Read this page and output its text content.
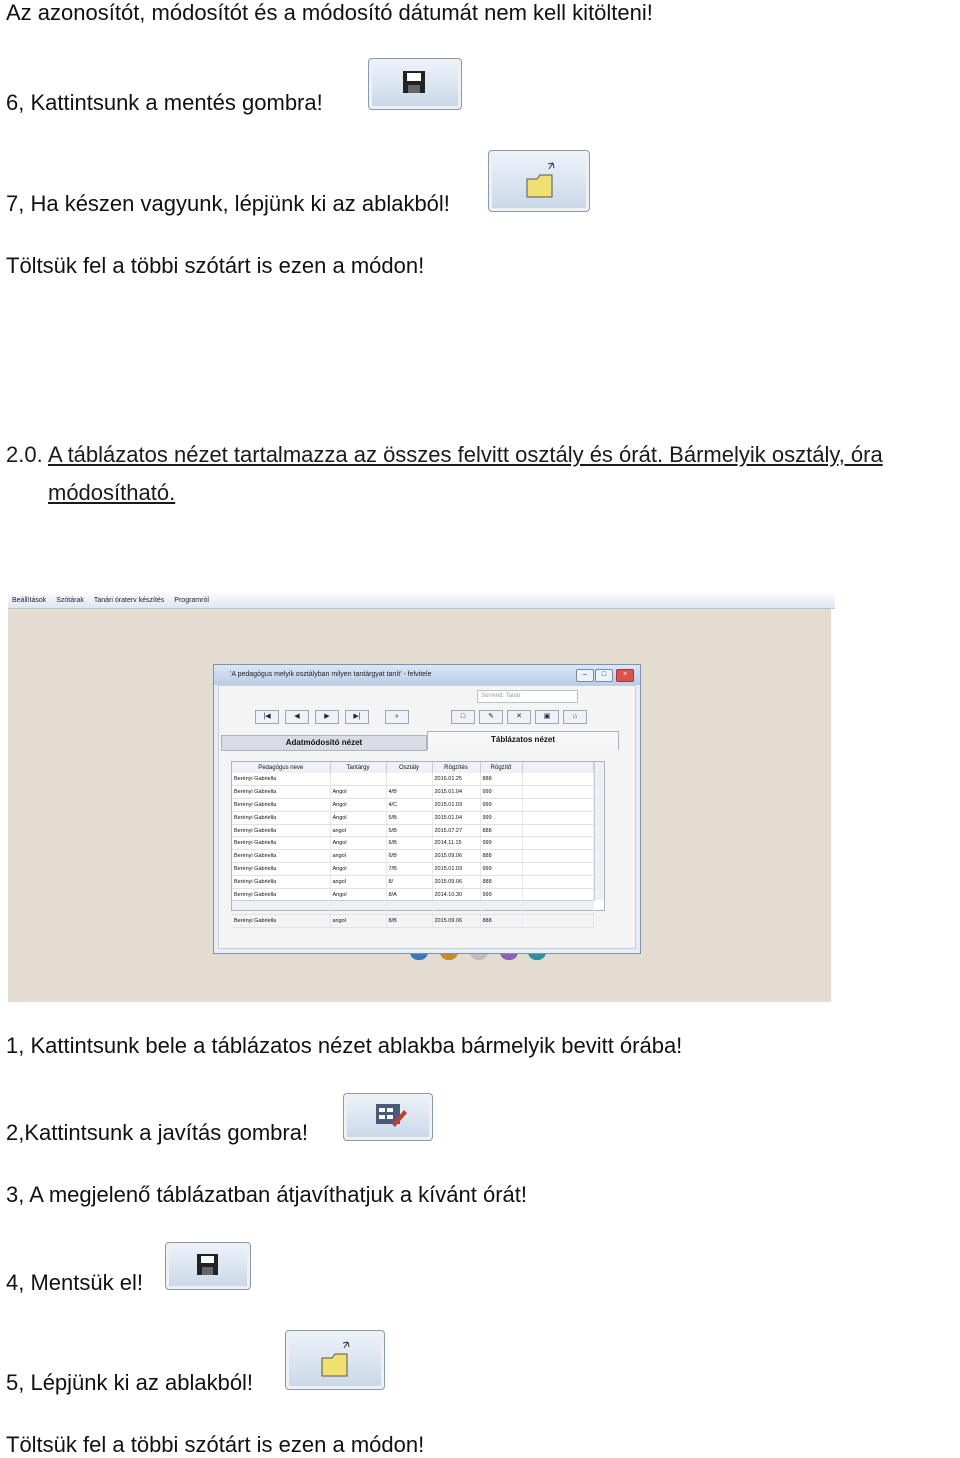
Az azonosítót, módosítót és a módosító dátumát nem kell kitölteni!
6, Kattintsunk a mentés gombra!
7, Ha készen vagyunk, lépjünk ki az ablakból!
Töltsük fel a többi szótárt is ezen a módon!
2.0. A táblázatos nézet tartalmazza az összes felvitt osztály és órát. Bármelyik osztály, óra módosítható.
Beállítások Szótárak Tanári óraterv készítés Programról
'A pedagógus melyik osztályban milyen tantárgyat tanít' - felvitele	–	□	×
Sorrend: Tanár
|◀	◀	▶	▶|	⌕	□	✎	✕	▣	⌂
Adatmódosító nézet	Táblázatos nézet
Pedagógus neve	Tantárgy	Osztály	Rögzítés	Rögzítő	
Berényi Gabriella			2016.01.25	888	
Berényi Gabriella	Angol	4/B	2015.01.04	999	
Berényi Gabriella	Angol	4/C	2015.01.03	999	
Berényi Gabriella	Angol	5/B	2015.01.04	999	
Berényi Gabriella	angol	5/B	2015.07.27	888	
Berényi Gabriella	Angol	6/B	2014.11.15	999	
Berényi Gabriella	angol	6/B	2015.09.06	888	
Berényi Gabriella	Angol	7/B	2015.01.03	999	
Berényi Gabriella	angol	8/	2015.09.06	888	
Berényi Gabriella	Angol	8/A	2014.10.30	999	

Berényi Gabriella	angol	8/B	2015.09.06	888	
1, Kattintsunk bele a táblázatos nézet ablakba bármelyik bevitt órába!
2,Kattintsunk a javítás gombra!
3, A megjelenő táblázatban átjavíthatjuk a kívánt órát!
4, Mentsük el!
5, Lépjünk ki az ablakból!
Töltsük fel a többi szótárt is ezen a módon!
